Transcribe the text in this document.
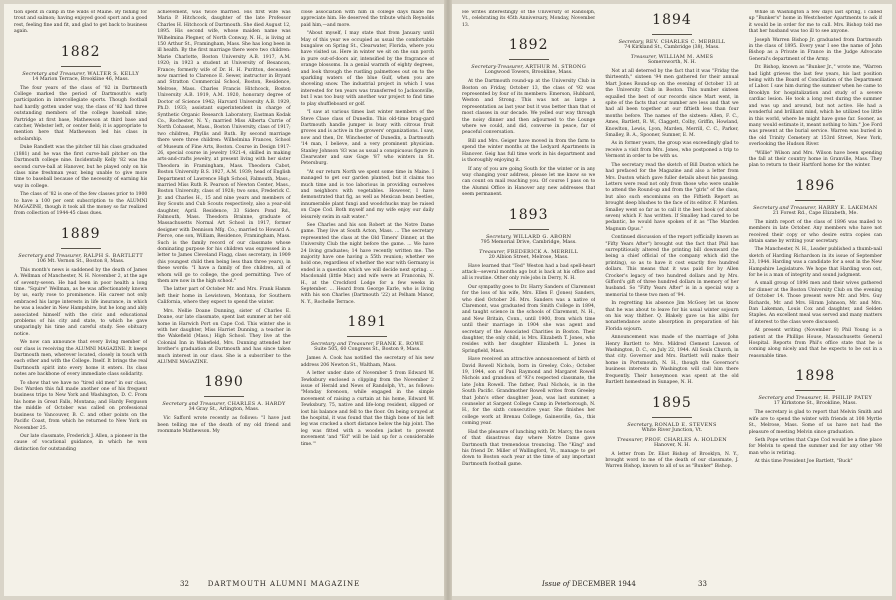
tion spent in camp in the wilds of Maine. By fishing for trout and salmon; having enjoyed good sport and a good rest, feeling fine and fit, and glad to get back to business again.

1882

Secretary and Treasurer, WALTER S. KELLY

14 Marion Terrace, Brookline 46, Mass.

The four years of the class of '82 in Dartmouth College marked the period of Dartmouth's early participation in intercollegiate sports. Though football had hardly gotten under way, the class of '82 had three outstanding members of the college baseball nine; Partridge at first base, Mathewson at third base and catcher, Webster left, or center field; it is appropriate to mention here that Mathewson led his class in scholarship.

Duke Randlett was the pitcher till his class graduated (1881) and he was the first curve-ball pitcher on the Dartmouth college nine. Incidentally Kelly '82 was the second curve-ball at Hanover, but he played only on his class nine freshman year, being unable to give more time to baseball because of the necessity of earning his way in college.

The class of '82 is one of the few classes prior to 1900 to have a 100 per cent subscription to the ALUMNI MAGAZINE, though it took all the money so far realized from collection of 1944-45 class dues.

1889

Secretary and Treasurer, RALPH S. BARTLETT

106 Mt. Vernon St., Boston 8, Mass.

This month's news is saddened by the death of James A. Wellman of Manchester, N. H. November 2, at the age of seventy-seven. He had been in poor health a long time. "Squire" Wellman, as he was affectionately known by us, early rose to prominence. His career not only embraced his large interests in life insurance, in which he was a leader in New Hampshire, but he long and ably associated himself with the civic and educational problems of his city and state, to which he gave unsparingly his time and careful study. See obituary notice.

We now can announce that every living member of our class is receiving the ALUMNI MAGAZINE. It keeps Dartmouth men, wherever located, closely in touch with each other and with the College. Itself. It brings the real Dartmouth spirit into every home it enters. Its class notes are backbone of every immediate class solidarity.

To show that we have no "tired old men" in our class, Doc Warden this fall made another one of his frequent business trips to New York and Washington, D. C. From his home in Great Falls, Montana; and Hardy Ferguson the middle of October was called on professional business to Vancouver, B. C. and other points on the Pacific Coast, from which he returned to New York on November 25.

Our late classmate, Frederick J. Allen, a pioneer in the cause of vocational guidance, in which he won distinction for outstanding

achievement, was twice married. His first wife was Maria P. Hitchcock, daughter of the late Professor Charles H. Hitchcock of Dartmouth. She died August 12, 1895. His second wife, whose maiden name was Wilhelmina Plegner, of North Conway, N. H., is living at 150 Arthur St., Framingham, Mass. She has long been in ill health. By the first marriage there were two children: Marie Charlotte, Boston University A.B. 1917, A.M. 1920; in 1923 a student at University of Besancon, France; formerly wife of Dr. H. H. Puritton, deceased; now married to Clarence E. Sewer, instructor in Bryant and Stratton Commercial School, Boston, Residence, Melrose, Mass. Charles Francis Hitchcock, Boston University A.B. 1919, A.M. 1920, honorary degree of Doctor of Science 1942; Harvard University A.B. 1929, Ph.D. 1933; assistant superintendent in charge of Synthetic Organic Research Laboratory, Eastman Kodak Co., Rochester, N. Y.; married Miss Alberta Currie of North Cohasset, Mass., Boston University, class of 1917; two children, Phyllis and Ruth. By second marriage there were three children: Wilhelmina Frances, School of Museum of Fine Arts, Boston. Course in Design 1917-26, special course in jewelry 1921-4, skilled in making arts-and-crafts jewelry, at present living with her sister Theodora in Framingham, Mass. Theodora Cabot, Boston University B.S. 1927, A.M. 1939; head of English Department of Lawrence High School, Falmouth, Mass.; married Miss Ruth R. Pearson of Newton Center, Mass., Boston University, class of 1928; two sons, Frederick C. Jr. and Charles H., 15 and nine years and members of Boy Scouts and Cub Scouts respectively, also a year-old daughter, April. Residence, 33 Siders Pond Rd., Falmouth, Mass. Theodora Brainne, graduate of Massachusetts Normal Art School in 1917, former designer with Dennison Mfg. Co.; married to Howard A. Pierce, one son, William, Residence, Framingham, Mass. Such is the family record of our classmate whose dominating purpose for his children was expressed in a letter to James Cleveland Flagg, class secretary, in 1909 (his youngest child then being less than three years), in these words: "I have a family of five children, all of whom will go to college, the good permitting. Two of them are now in the high school."

The latter part of October Mr. and Mrs. Frank Hamm left their home in Lewistown, Montana, for Southern California, where they expect to spend the winter.

Mrs. Nellie Doane Dunning, sister of Charles E. Doane, our late classmate, spent last summer at her old home in Harwich Port on Cape Cod. This winter she is with her daughter, Miss Harriet Dunning, a teacher in the Wakefield (Mass.) High School. They live at the Colonial Inn in Wakefield, Mrs. Dunning attended her brother's graduation at Dartmouth and has since taken much interest in our class. She is a subscriber to the ALUMNI MAGAZINE.

1890

Secretary and Treasurer, CHARLES A. HARDY

34 Gray St., Arlington, Mass.

Vic Safford wrote recently as follows: "I have just been telling me of the death of my old friend and roommate Mathewson. My

close association with him in college days made me appreciate him. He deserved the tribute which Reynolds paid him,—and more.

"About myself, I may state that from January until May of this year we occupied as usual the comfortable bungalow on Spring St., Clearwater, Florida, where you have visited us. Here in winter we sit on the sun porch in pure out-of-doors air, intensified by the fragrance of orange blossoms. In a genial warmth of eighty degrees, and look through the rustling palmettoes out on to the sparkling waters of the blue Gulf, when you are shoveling snow. The industrial project in which I was interested for ten years was transferred to Jacksonville, but I was too busy with another war project to find time to play shuffleboard or golf.

"I saw at various times last winter members of the Steve Clase class of Dunedin. This old-time brag-gard Dartmouth handle jumper is busy with citrous fruit groves and is active in the growers' organizations. I saw, now and then, Dr. Winchester of Dunedin, a Dartmouth '14 man, I believe, and a very prominent physician. Stanley Johnson '83 was as usual a conspicuous figure in Clearwater and saw Gage '87 who winters in St. Petersburg.

"At our return North we spent some time in Maine. I managed to get our garden planted, but it claims too much time and is too laborious in providing ourselves and neighbors with vegetables. However, I have demonstrated that fig, as well as Mexican bean beetles, innumerable plant fungi and woodchucks may be raised on Cape Cod. Both myself and my wife enjoy our daily leisurely swim in salt water."

See Charles and his son Robert at the Notre Dame game. They live at South Acton, Mass. ... The secretary represented the class at the Old Timers' Dinner, at the University Club the night before the game. ... We have 24 living graduates; 14 have recently written me. The majority have one having a 55th reunion; whether we hold one, regardless of whether the war with Germany is ended is a question which we will decide next spring. ... Macdonald (little Mac) and wife were at Franconia, N. H., at the Crockford Lodge for a few weeks in September. ... Heard from George Earle, who is living with his son Charles (Dartmouth '22) at Pelham Manor, N. Y., Rochelle Terrace.

1891

Secretary and Treasurer, FRANK E. ROWE

Suite 505, 60 Congress St., Boston 9, Mass.

James A. Cook has notified the secretary of his new address 206 Newton St., Waltham, Mass.

A letter under date of November 5 from Edward W. Tewksbury enclosed a clipping from the November 2 issue of Herald and News of Randolph, Vt., as follows: "Monday forenoon, while engaged in the simple movement of raising a curtain at his home, Edward W. Tewksbury, 75, native and life-long resident, slipped or lost his balance and fell to the floor. On being x-rayed at the hospital, it was found that the thigh bone of his left leg was cracked a short distance below the hip joint. The leg was fitted with a wooden jacket to prevent movement 'and "Ed" will be laid up for a considerable time.'"

32	DARTMOUTH ALUMNI MAGAZINE

He writes interestingly of the University of Randolph, Vt., celebrating its 45th Anniversary, Monday, November 13.

1892

Secretary-Treasurer, ARTHUR M. STRONG

Longwood Towers, Brookline, Mass.

At the Dartmouth round-up at the University Club in Boston on Friday, October 13, the class of '92 was represented by four of its members: Emerson, Hubbard, Weston and Strong. This was not as large a representation as last year but it was better than that of most classes in our decade. We yelled our way through the noisy dinner and then adjourned to the Lounge where we could, and did, converse in peace, far of peaceful conversation.

Bill and Mrs. Geiger have moved in from the farm to spend the winter months at the Ledyard Apartments in Hanover. Geig has full time work in his department and is thoroughly enjoying it.

If any of you are going South for the winter or in any way changing your address, please let me know so we can count on mail reaching you. Of course I pass on to the Alumni Office in Hanover any new addresses that seem permanent.

1893

Secretary, WILLARD G. ABORN

795 Memorial Drive, Cambridge, Mass.

Treasurer, FREDERICK A. MERRILL

20 Albion Street, Melrose, Mass.

Have learned that "Ted" Weston had a bad spell-heart attack—several months ago but is back at his office and all is routine. Other only role jobs in Derry, N. H.

Our sympathy goes to Dr. Harry Sanders of Claremont for the loss of his wife, Mrs. Ellen F. (Jones) Sanders, who died October 26. Mrs. Sanders was a native of Claremont, was graduated from Smith College in 1894, and taught science in the schools of Claremont, N. H., and New Britain, Conn., until 1900, from which time until their marriage in 1904 she was agent and secretary of the Associated Charities in Boston. Their daughter, the only child, is Mrs. Elizabeth T. Jones, who resides with her daughter Elizabeth L. Jones in Springfield, Mass.

Have received an attractive announcement of birth of David Rowell Nichols, born in Greeley, Colo.; October 19, 1944, son of Paul Raymond and Margaret Rowell Nichols and grandson of '93's respected classmate, the late John Rowell. The father, Paul Nichols, is in the South Pacific. Grandmother Rowell writes from Greeley that John's other daughter Jean, was last summer, a counselor at Sargent College Camp in Peterborough, N. H., for the sixth consecutive year. She finishes her college work at Brenau College, Gainesville, Ga., this coming year.

Had the pleasure of lunching with Dr. Marcy, the noon of that disastrous day where Notre Dame gave Dartmouth that tremendous trouncing. The "King" and his friend Dr. Miller of Wallingford, Vt., manage to get down to Boston each year at the time of any important Dartmouth football game.

1894

Secretary, REV. CHARLES C. MERRILL

74 Kirkland St., Cambridge (38), Mass.

Treasurer, WILLIAM M. AMES

Somersworth, N. H.

Not at all deterred by the fact that it was "Friday the thirteenth," sixteen '94 men gathered for their annual Mart Jones Round-up on the evening of October 13 at the University Club in Boston. This number sixteen equalled the best of our records since Mart went, in spite of the facts that our number are less and that we had all been together at our fiftieth less than four months before. The names of the sixteen: Allen, F. C., Ames, Bartlett, R. W., Claggett, Colby, Griffin, Howland, Knowlton, Lewis, Lyon, Marden, Merrill, C. C., Parker, Smalley, B. A., Spooner, Sumner, E. M.

As in former years, the group was exceedingly glad to receive a visit from Mrs. Jones, who postponed a trip to Vermont in order to be with us.

The secretary read the sketch of Bill Duston which he had prefaced for the Magazine and also a letter from Mrs. Duston which gave fuller details about his passing. Letters were read not only from those who were unable to attend the Round-up and from the "girls" of the class, but also such encomiums on the Fiftieth Report as brought deep blushes to the face of its editor. F. Marden. Smalley went so far as to call it the best book (of about seven) which F. has written. If Smalley had cared to be pedantic, he would have spoken of it as "The Marden Magnum Opus."

Continued discussion of the report (officially known as "Fifty Years After") brought out the fact that Phil has surreptitiously altered the printing bill downward (he being a chief official of the company which did the printing), so as to have it cost exactly five hundred dollars. This means that it was paid for by Allen Crocker's legacy of two hundred dollars and by Mrs. Gifford's gift of three hundred dollars in memory of her husband. So "Fifty Years After" is in a special way a memorial to these two men of '94.

In regretting his absence Jim McGoey let us know that he was about to leave for his usual winter sojourn on his way thither. Q. Blakely gave us his alibi for nonattendance acute absorption in preparation of his Florida sojourn.

Announcement was made of the marriage of John Henry Bartlett to Mrs. Mildred Clement Lawson of Washington, D. C., on July 22, 1944. All Souls Church, in that city. Governor and Mrs. Bartlett will make their home in Portsmouth, N. H., though the Governor's business interests in Washington will call him there frequently. Their honeymoon was spent at the old Bartlett homestead in Sunapee, N. H.

1895

Secretary, RONALD E. STEVENS

White River Junction, Vt.

Treasurer, PROF. CHARLES A. HOLDEN

Hanover, N. H.

A letter from Dr. Eliot Bishop of Brooklyn, N. Y., brought word to me of the death of our classmate, J. Warren Bishop, known to all of us as "Bunker" Bishop.

While in Washington a few days last spring, I called up "Bunker's" home in Westchester Apartments to ask if it would be in order for me to call. Mrs. Bishop told me that her husband was too ill to see anyone.

Joseph Warren Bishop Jr. graduated from Dartmouth in the class of 1895. Every year I see the name of John Bishop as a Private in France in the Judge Advocate General's department of the Army.

Dr. Bishop, known as "Bunker Jr.," wrote me, "Warren had light grieves the last few years, his last position being with the Board of Conciliation of the Department of Labor. I saw him during the summer when he came to Brooklyn for hospitalization and study of a severe cardiac lesion. He took a long rest during the summer and was up and around, but not active. He had a wonderful and brilliant mind, which he utilized too little in this world, where he might have gone far. Sooner, as many would estimate it, meant nothing to him." Joe Ford was present at the burial service. Warren was buried in the old Trinity Cemetery at 153rd Street, New York, overlooking the Hudson River.

"Willie" Wilson and Mrs. Wilson have been spending the fall at their country home in Granville, Mass. They plan to return to their Hartford home for the winter.

1896

Secretary and Treasurer, HARRY E. LAKEMAN

21 Forest Rd., Cape Elizabeth, Me.

The ninth report of the class of 1896 was mailed to members in late October. Any members who have not received their copy or who desire extra copies can obtain same by writing your secretary.

The Manchester, N. H., Leader published a thumb-nail sketch of Harding Richardson in its issue of September 23, 1944. Harding was a candidate for a seat in the New Hampshire Legislature. We hope that Harding won out, for he is a man of integrity and sound judgment.

A small group of 1896 men and their wives gathered for dinner at the Boston University Club on the evening of October 14. Those present were Mr. and Mrs. Guy Richards, Mr. and Mrs. Hiram Johnson, Mr. and Mrs. Dan Lakeman, Louis Cox and daughter, and Selden Staples. An excellent meal was served and many matters of interest to the class were discussed.

At present writing (November 8) Phil Young is a patient at the Phillips House, Massachusetts General Hospital. Reports from Phil's office state that he is coming along nicely and that he expects to be out in a reasonable time.

1898

Secretary and Treasurer, H. PHILIP PATEY

17 Kirkstone St., Brookline, Mass.

The secretary is glad to report that Melvin Smith and wife are to spend the winter with friends at 108 Myrtle St., Melrose, Mass. Some of us have not had the pleasure of meeting Melvin since graduation.

Seth Pope writes that Cape Cod would be a fine place for Melvin to spend the summer and for any other '98 man who is retiring.

At this time President Joe Bartlett, "Buck"

Issue of DECEMBER 1944	33
